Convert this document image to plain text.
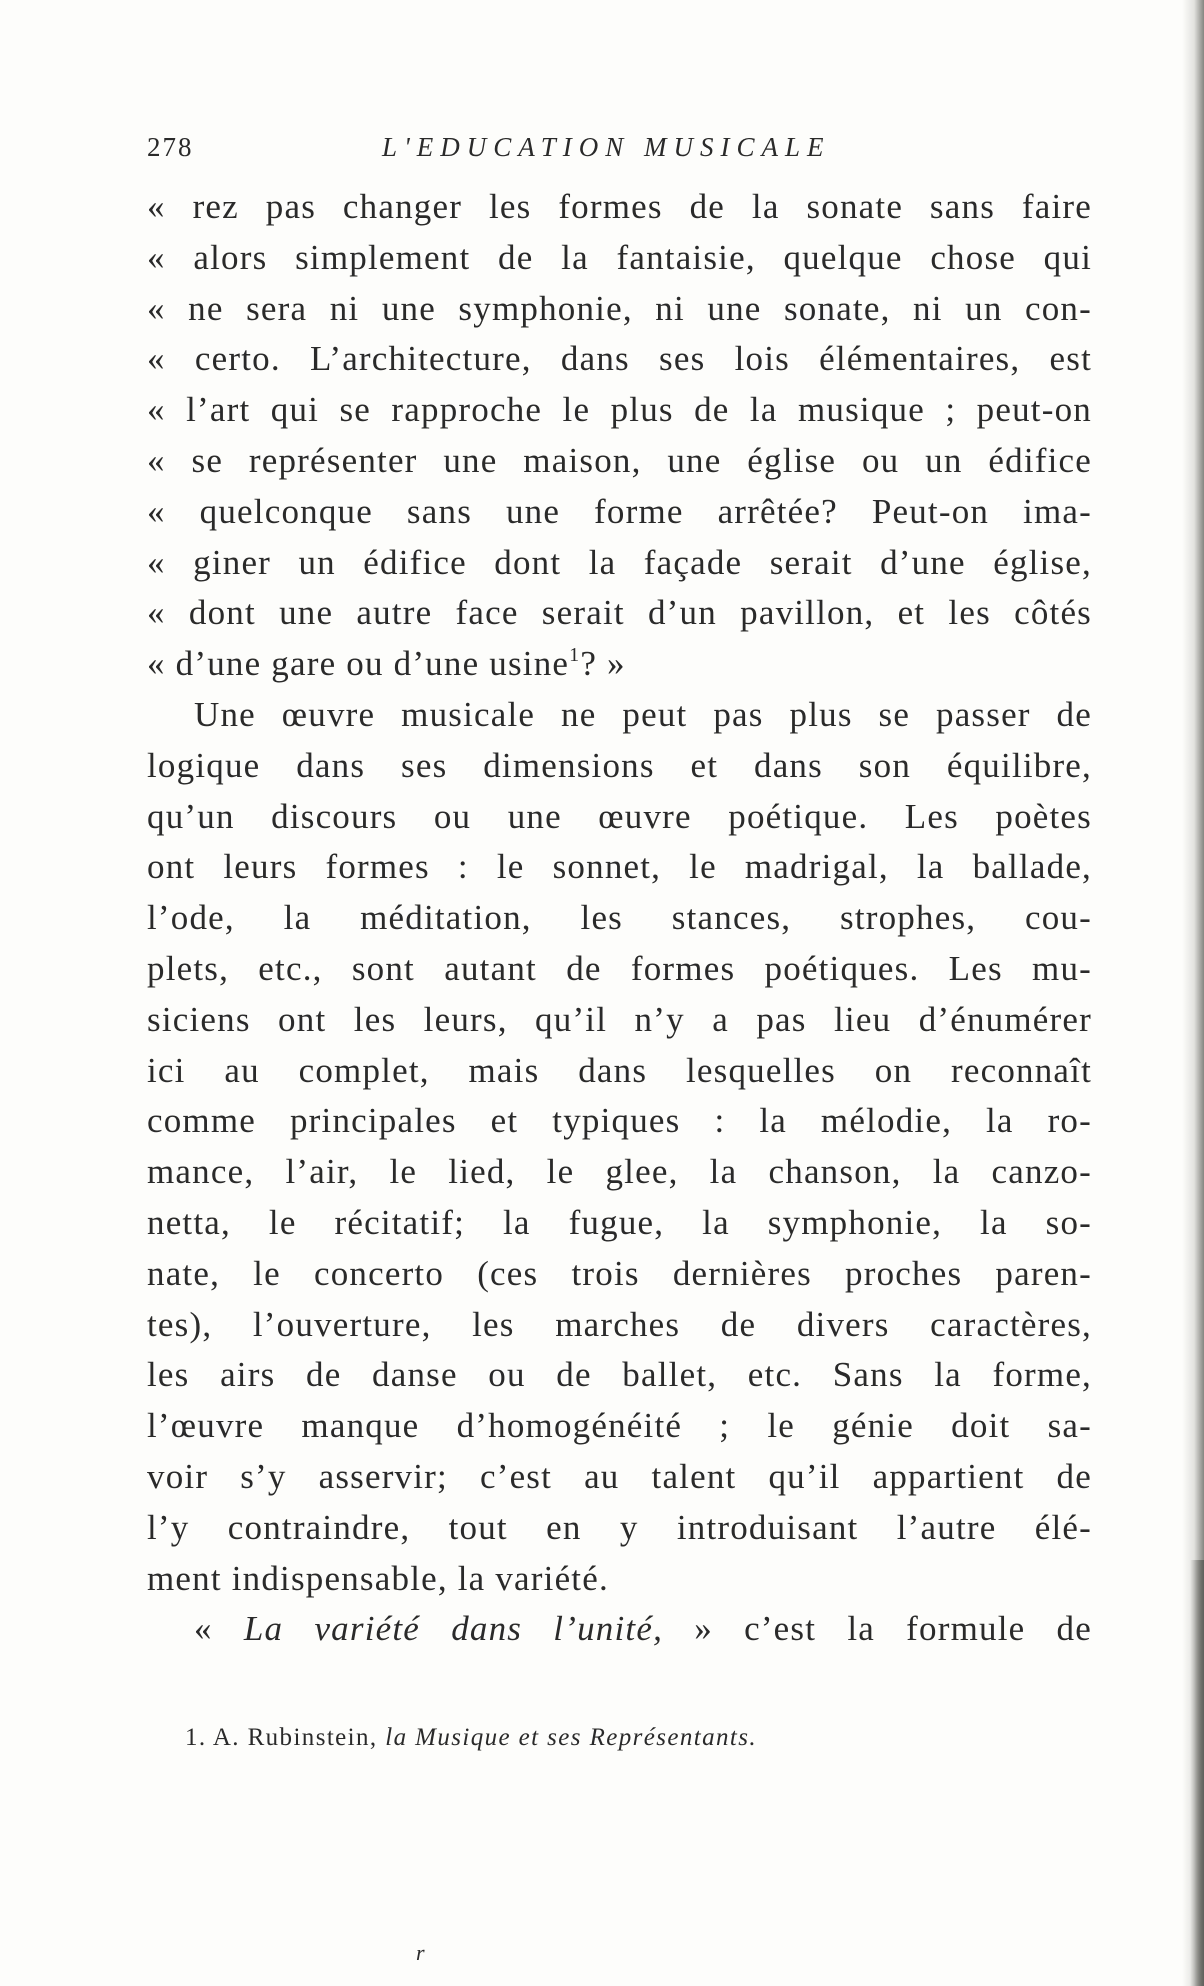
278	L'EDUCATION MUSICALE
« rez pas changer les formes de la sonate sans faire
« alors simplement de la fantaisie, quelque chose qui
« ne sera ni une symphonie, ni une sonate, ni un con-
« certo. L’architecture, dans ses lois élémentaires, est
« l’art qui se rapproche le plus de la musique ; peut-on
« se représenter une maison, une église ou un édifice
« quelconque sans une forme arrêtée? Peut-on ima-
« giner un édifice dont la façade serait d’une église,
« dont une autre face serait d’un pavillon, et les côtés
« d’une gare ou d’une usine$^1$? »
Une œuvre musicale ne peut pas plus se passer de
logique dans ses dimensions et dans son équilibre,
qu’un discours ou une œuvre poétique. Les poètes
ont leurs formes : le sonnet, le madrigal, la ballade,
l’ode, la méditation, les stances, strophes, cou-
plets, etc., sont autant de formes poétiques. Les mu-
siciens ont les leurs, qu’il n’y a pas lieu d’énumérer
ici au complet, mais dans lesquelles on reconnaît
comme principales et typiques : la mélodie, la ro-
mance, l’air, le lied, le glee, la chanson, la canzo-
netta, le récitatif; la fugue, la symphonie, la so-
nate, le concerto (ces trois dernières proches paren-
tes), l’ouverture, les marches de divers caractères,
les airs de danse ou de ballet, etc. Sans la forme,
l’œuvre manque d’homogénéité ; le génie doit sa-
voir s’y asservir; c’est au talent qu’il appartient de
l’y contraindre, tout en y introduisant l’autre élé-
ment indispensable, la variété.
« La variété dans l’unité, » c’est la formule de
1. A. Rubinstein, la Musique et ses Représentants.
r
